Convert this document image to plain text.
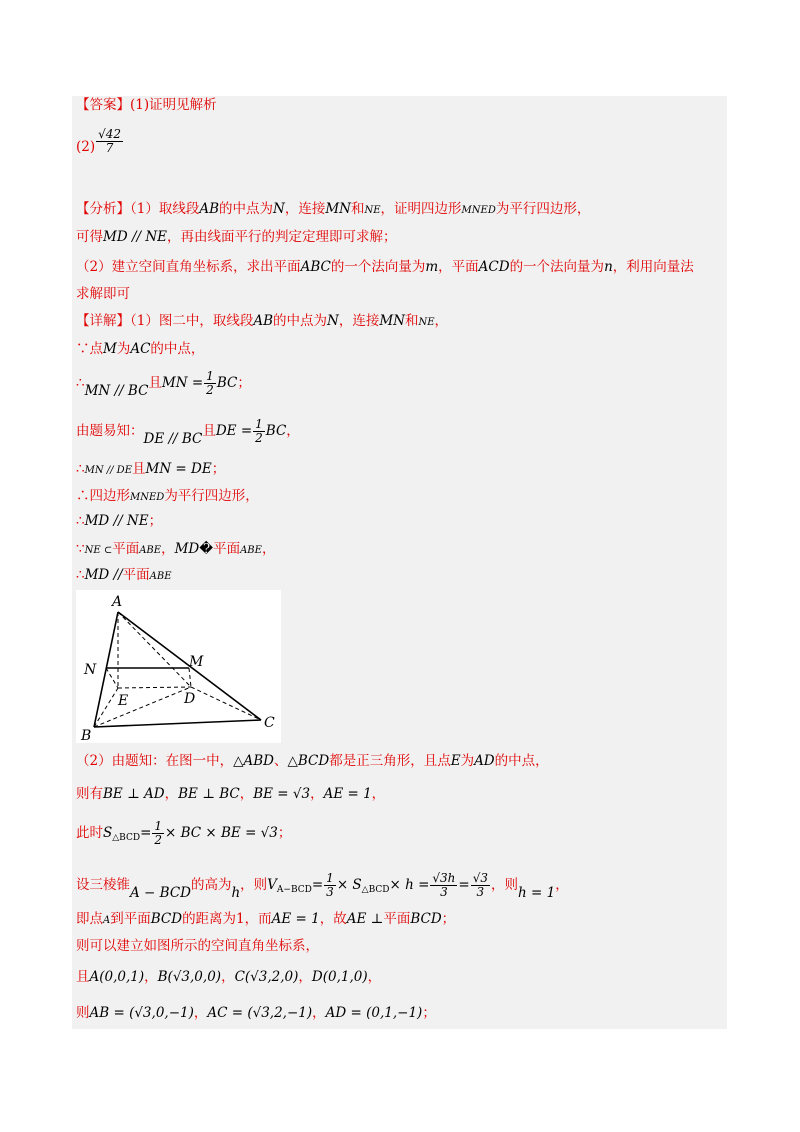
【答案】(1)证明见解析
$(2) \frac{√42}{7}$
【分析】（1）取线段AB的中点为N，连接MN和NE，证明四边形MNED为平行四边形，
可得MD // NE，再由线面平行的判定定理即可求解；
（2）建立空间直角坐标系，求出平面ABC的一个法向量为m，平面ACD的一个法向量为n，利用向量法
求解即可
【详解】（1）图二中，取线段AB的中点为N，连接MN和NE，
∵点M为AC的中点，
∴MN // BC且MN = $\frac{1}{2}$ BC；
由题易知：DE // BC且DE = $\frac{1}{2}$ BC，
∴MN // DE且MN = DE；
∴四边形MNED为平行四边形，
∴MD // NE；
∵NE ⊂平面ABE，MD�平面ABE，
∴MD //平面ABE
A
N	M
E	D
B
C
（2）由题知：在图一中，△ABD、△BCD都是正三角形，且点E为AD的中点，
则有BE ⊥ AD，BE ⊥ BC，BE = √3，AE = 1，
此时$S_{\triangle BCD}= \frac{1}{2}$ × BC × BE = √3；
设三棱锥A − BCD的高为h，则$V_{A-BCD}= \frac{1}{3} \times S_{\triangle BCD}\times h = \frac{√3h}{3} = \frac{√3}{3}$ ，则h = 1，
即点A到平面BCD的距离为1，而AE = 1，故AE ⊥平面BCD；
则可以建立如图所示的空间直角坐标系，
且A(0,0,1)，B(√3,0,0)，C(√3,2,0)，D(0,1,0)，
则AB = (√3,0,−1)，AC = (√3,2,−1)，AD = (0,1,−1)；
